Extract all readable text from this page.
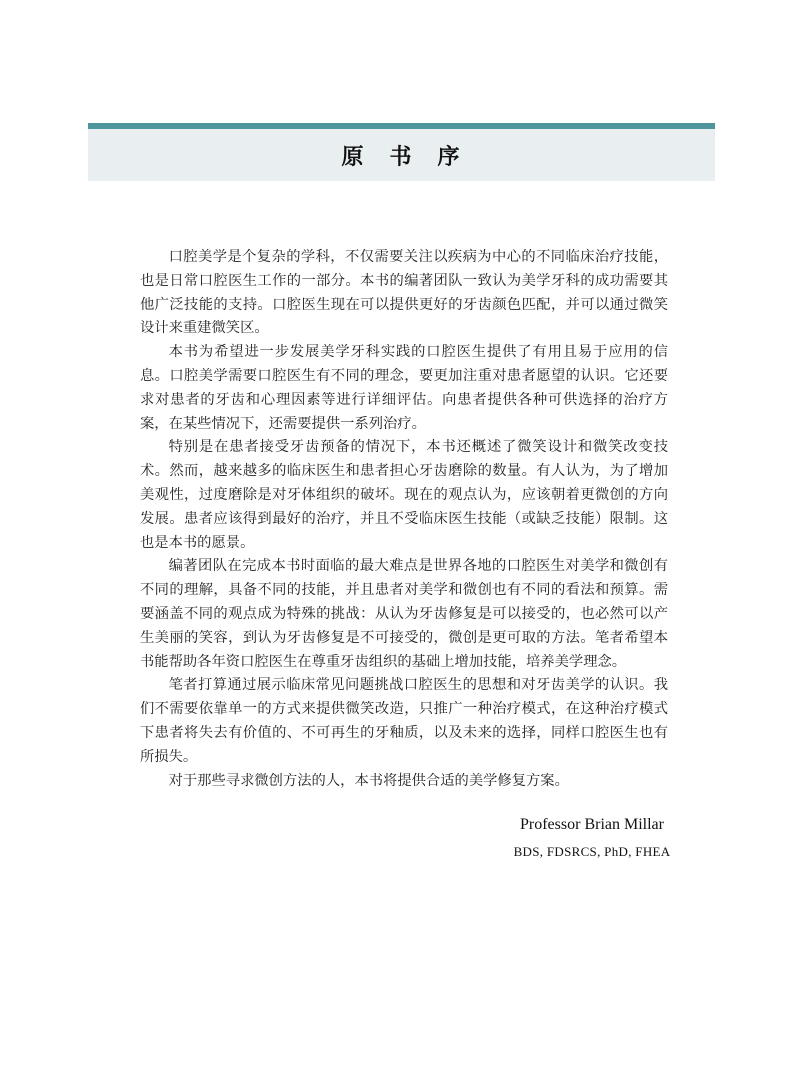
原　书　序

口腔美学是个复杂的学科，不仅需要关注以疾病为中心的不同临床治疗技能，也是日常口腔医生工作的一部分。本书的编著团队一致认为美学牙科的成功需要其他广泛技能的支持。口腔医生现在可以提供更好的牙齿颜色匹配，并可以通过微笑设计来重建微笑区。

本书为希望进一步发展美学牙科实践的口腔医生提供了有用且易于应用的信息。口腔美学需要口腔医生有不同的理念，要更加注重对患者愿望的认识。它还要求对患者的牙齿和心理因素等进行详细评估。向患者提供各种可供选择的治疗方案，在某些情况下，还需要提供一系列治疗。

特别是在患者接受牙齿预备的情况下，本书还概述了微笑设计和微笑改变技术。然而，越来越多的临床医生和患者担心牙齿磨除的数量。有人认为，为了增加美观性，过度磨除是对牙体组织的破坏。现在的观点认为，应该朝着更微创的方向发展。患者应该得到最好的治疗，并且不受临床医生技能（或缺乏技能）限制。这也是本书的愿景。

编著团队在完成本书时面临的最大难点是世界各地的口腔医生对美学和微创有不同的理解，具备不同的技能，并且患者对美学和微创也有不同的看法和预算。需要涵盖不同的观点成为特殊的挑战：从认为牙齿修复是可以接受的，也必然可以产生美丽的笑容，到认为牙齿修复是不可接受的，微创是更可取的方法。笔者希望本书能帮助各年资口腔医生在尊重牙齿组织的基础上增加技能，培养美学理念。

笔者打算通过展示临床常见问题挑战口腔医生的思想和对牙齿美学的认识。我们不需要依靠单一的方式来提供微笑改造，只推广一种治疗模式，在这种治疗模式下患者将失去有价值的、不可再生的牙釉质，以及未来的选择，同样口腔医生也有所损失。

对于那些寻求微创方法的人，本书将提供合适的美学修复方案。

Professor Brian Millar
BDS, FDSRCS, PhD, FHEA
